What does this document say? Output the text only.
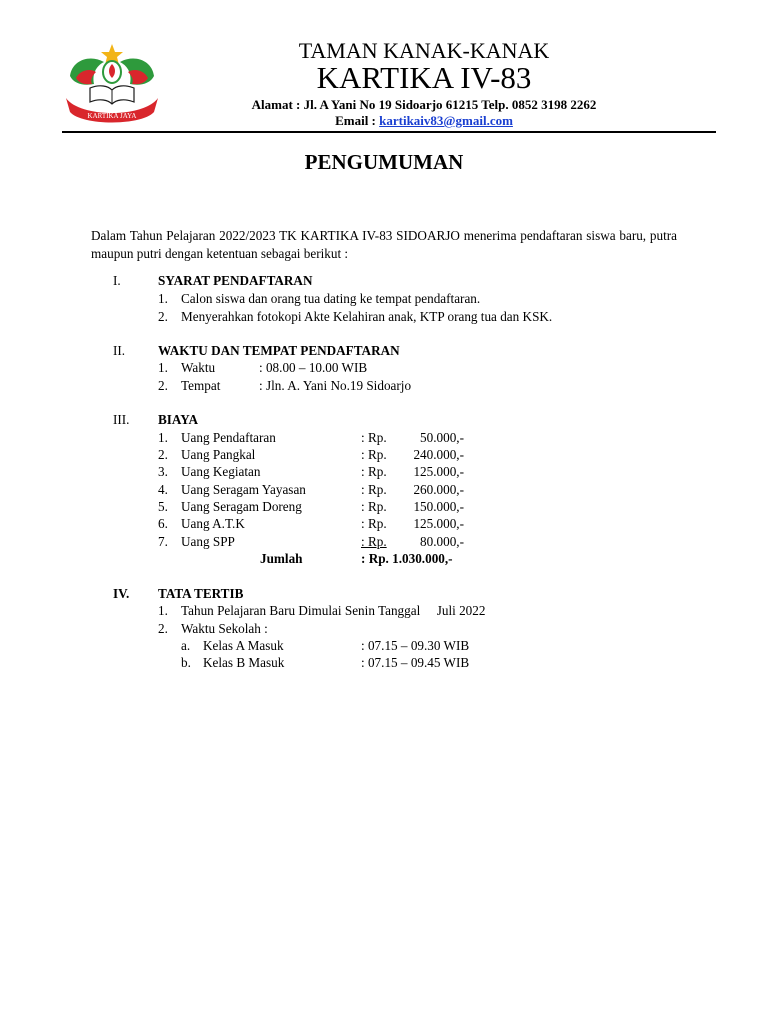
KARTIKA JAYA
TAMAN KANAK-KANAK
KARTIKA IV-83
Alamat : Jl. A Yani No 19 Sidoarjo 61215 Telp. 0852 3198 2262
Email : kartikaiv83@gmail.com
PENGUMUMAN
Dalam Tahun Pelajaran 2022/2023 TK KARTIKA IV-83 SIDOARJO menerima pendaftaran siswa baru, putra maupun putri dengan ketentuan sebagai berikut :
I.	SYARAT PENDAFTARAN
1. Calon siswa dan orang tua dating ke tempat pendaftaran.
2. Menyerahkan fotokopi Akte Kelahiran anak, KTP orang tua dan KSK.
II. WAKTU DAN TEMPAT PENDAFTARAN
1. Waktu	: 08.00 – 10.00 WIB
2. Tempat	: Jln. A. Yani No.19 Sidoarjo
III. BIAYA
1. Uang Pendaftaran	: Rp.	50.000,-
2. Uang Pangkal	: Rp.	240.000,-
3. Uang Kegiatan	: Rp.	125.000,-
4. Uang Seragam Yayasan	: Rp.	260.000,-
5. Uang Seragam Doreng	: Rp.	150.000,-
6. Uang A.T.K	: Rp.	125.000,-
7. Uang SPP	: Rp.	80.000,-
Jumlah	: Rp. 1.030.000,-
IV. TATA TERTIB
1. Tahun Pelajaran Baru Dimulai Senin Tanggal     Juli 2022
2. Waktu Sekolah :
a. Kelas A Masuk	: 07.15 – 09.30 WIB
b. Kelas B Masuk	: 07.15 – 09.45 WIB
